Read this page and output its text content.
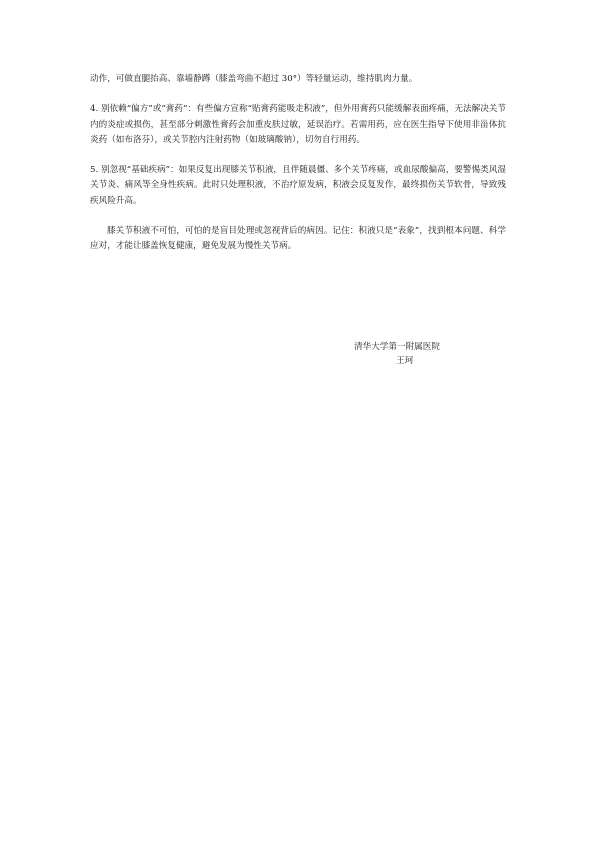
动作，可做直腿抬高、靠墙静蹲（膝盖弯曲不超过 30°）等轻量运动，维持肌肉力量。

4. 别依赖“偏方”或“膏药”：有些偏方宣称“贴膏药能吸走积液”，但外用膏药只能缓解表面疼痛，无法解决关节内的炎症或损伤，甚至部分刺激性膏药会加重皮肤过敏，延误治疗。若需用药，应在医生指导下使用非甾体抗炎药（如布洛芬），或关节腔内注射药物（如玻璃酸钠），切勿自行用药。

5. 别忽视“基础疾病”：如果反复出现膝关节积液，且伴随晨僵、多个关节疼痛，或血尿酸偏高，要警惕类风湿关节炎、痛风等全身性疾病。此时只处理积液，不治疗原发病，积液会反复发作，最终损伤关节软骨，导致残疾风险升高。

膝关节积液不可怕，可怕的是盲目处理或忽视背后的病因。记住：积液只是“表象”，找到根本问题、科学应对，才能让膝盖恢复健康，避免发展为慢性关节病。

清华大学第一附属医院
王珂
